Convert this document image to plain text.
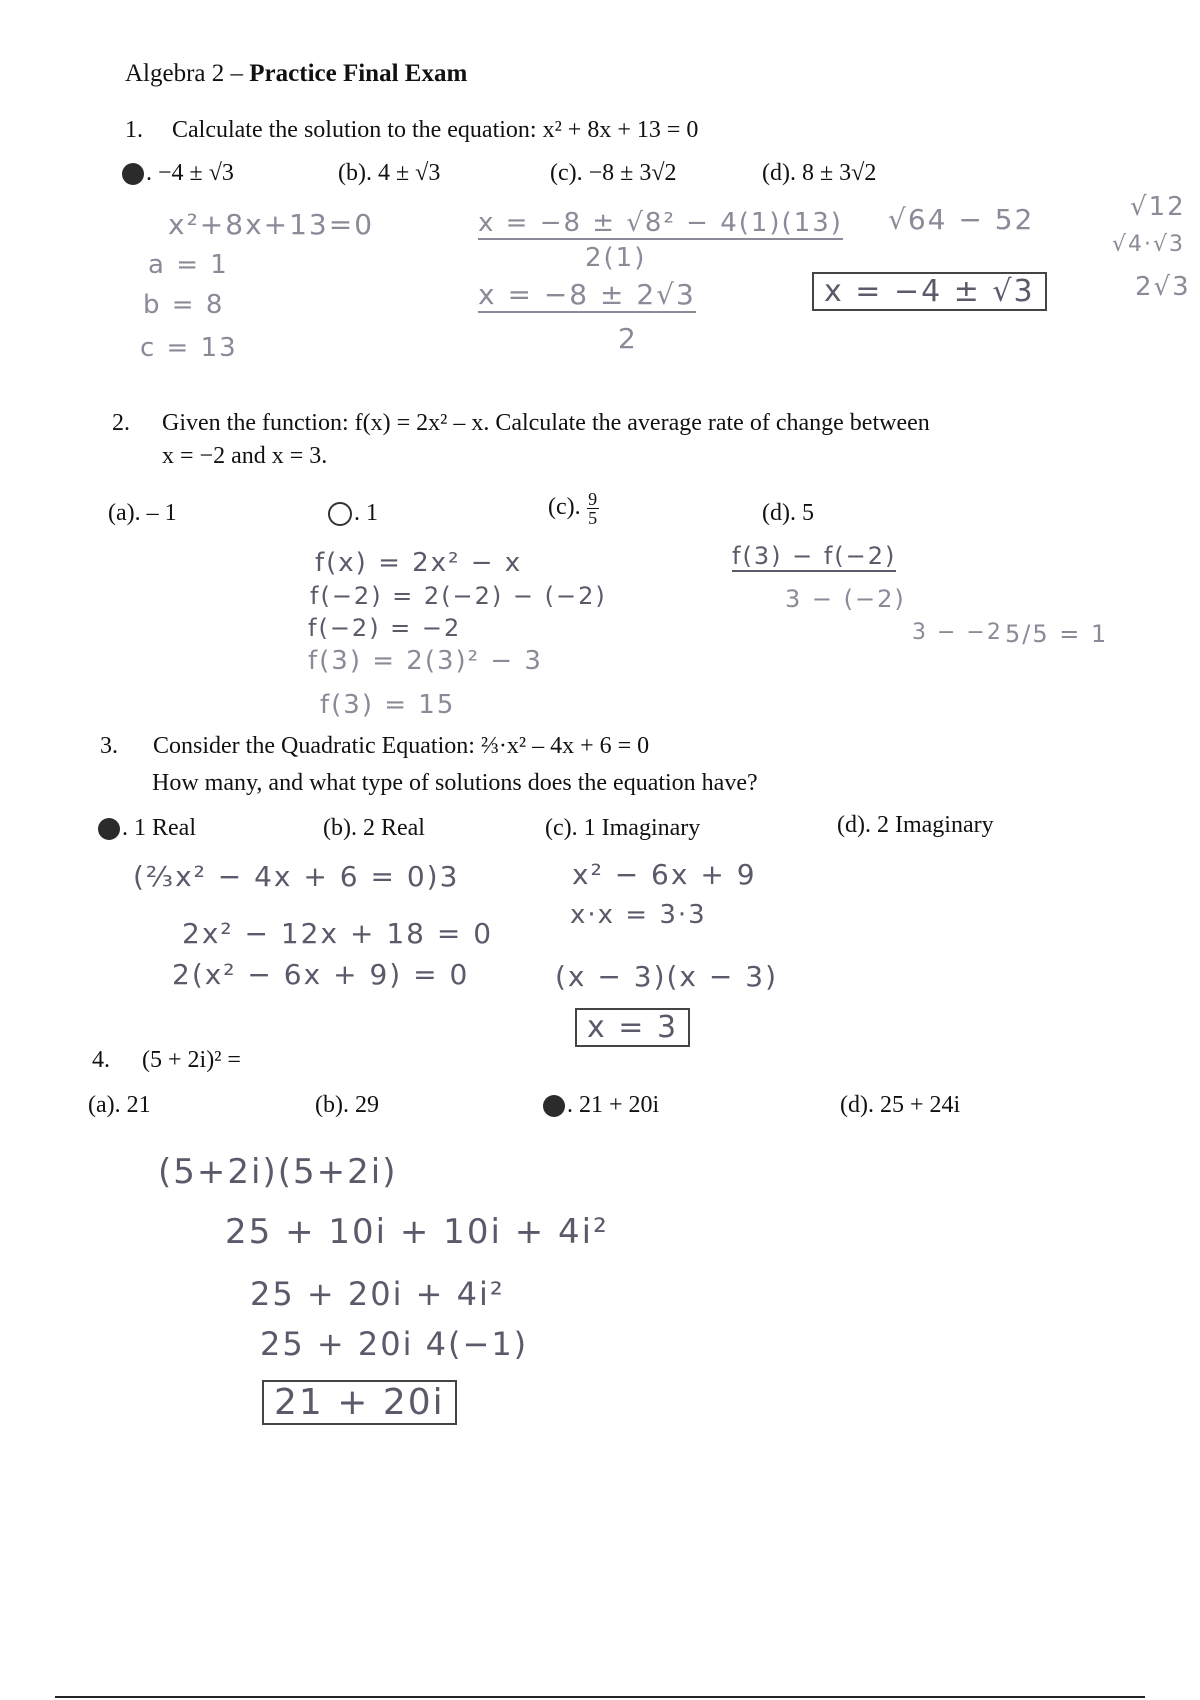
Algebra 2 – Practice Final Exam
1. Calculate the solution to the equation: x² + 8x + 13 = 0
. −4 ± √3	(b). 4 ± √3	(c). −8 ± 3√2	(d). 8 ± 3√2
x²+8x+13=0
a = 1
b = 8
c = 13
x = −8 ± √8² − 4(1)(13)
2(1)
√64 − 52
x = −8 ± 2√3
2
x = −4 ± √3
√12
√4·√3
2√3
2. Given the function: f(x) = 2x² – x. Calculate the average rate of change between
x = −2 and x = 3.
(a). – 1	. 1	(c). $\frac{9}{5}$	(d). 5
f(x) = 2x² − x
f(−2) = 2(−2) − (−2)
f(−2) = −2
f(3) = 2(3)² − 3
f(3) = 15
f(3) − f(−2)
3 − (−2)
3 − −2 5/5 = 1
3. Consider the Quadratic Equation: ⅔·x² – 4x + 6 = 0
How many, and what type of solutions does the equation have?
. 1 Real	(b). 2 Real	(c). 1 Imaginary	(d). 2 Imaginary
(⅔x² − 4x + 6 = 0)3
2x² − 12x + 18 = 0
2(x² − 6x + 9) = 0
x² − 6x + 9
x·x = 3·3
(x − 3)(x − 3)
x = 3
4. (5 + 2i)² =
(a). 21	(b). 29	. 21 + 20i	(d). 25 + 24i
(5+2i)(5+2i)
25 + 10i + 10i + 4i²
25 + 20i + 4i²
25 + 20i 4(−1)
21 + 20i
